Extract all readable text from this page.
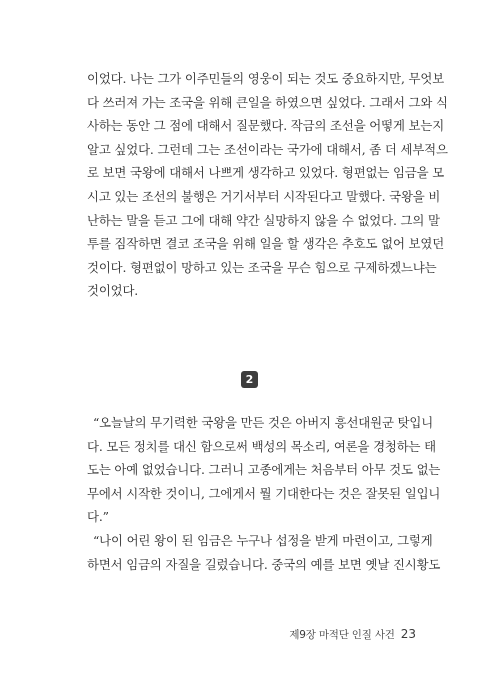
이었다. 나는 그가 이주민들의 영웅이 되는 것도 중요하지만, 무엇보
다 쓰러져 가는 조국을 위해 큰일을 하였으면 싶었다. 그래서 그와 식
사하는 동안 그 점에 대해서 질문했다. 작금의 조선을 어떻게 보는지
알고 싶었다. 그런데 그는 조선이라는 국가에 대해서, 좀 더 세부적으
로 보면 국왕에 대해서 나쁘게 생각하고 있었다. 형편없는 임금을 모
시고 있는 조선의 불행은 거기서부터 시작된다고 말했다. 국왕을 비
난하는 말을 듣고 그에 대해 약간 실망하지 않을 수 없었다. 그의 말
투를 짐작하면 결코 조국을 위해 일을 할 생각은 추호도 없어 보였던
것이다. 형편없이 망하고 있는 조국을 무슨 힘으로 구제하겠느냐는
것이었다.
2
“오늘날의 무기력한 국왕을 만든 것은 아버지 흥선대원군 탓입니
다. 모든 정치를 대신 함으로써 백성의 목소리, 여론을 경청하는 태
도는 아예 없었습니다. 그러니 고종에게는 처음부터 아무 것도 없는
무에서 시작한 것이니, 그에게서 뭘 기대한다는 것은 잘못된 일입니
다.”
“나이 어린 왕이 된 임금은 누구나 섭정을 받게 마련이고, 그렇게
하면서 임금의 자질을 길렀습니다. 중국의 예를 보면 옛날 진시황도
제9장 마적단 인질 사건 23
